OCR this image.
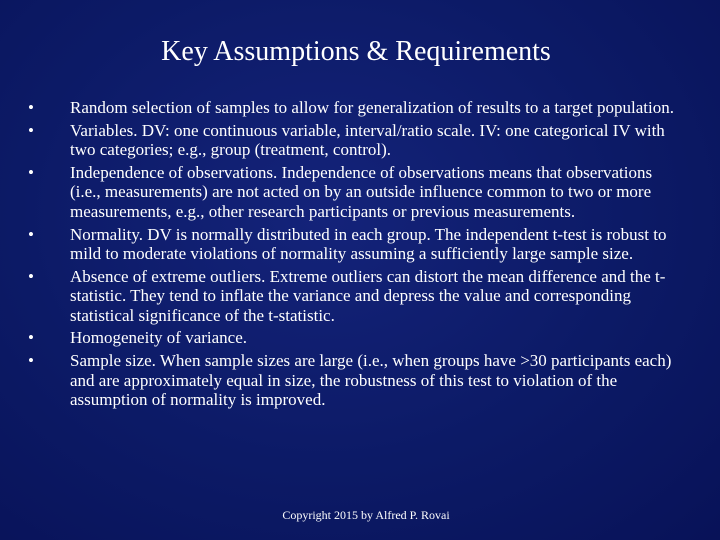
Key Assumptions & Requirements
•	Random selection of samples to allow for generalization of results to a target population.
•	Variables. DV: one continuous variable, interval/ratio scale. IV: one categorical IV with two categories; e.g., group (treatment, control).
•	Independence of observations. Independence of observations means that observations (i.e., measurements) are not acted on by an outside influence common to two or more measurements, e.g., other research participants or previous measurements.
•	Normality. DV is normally distributed in each group. The independent t-test is robust to mild to moderate violations of normality assuming a sufficiently large sample size.
•	Absence of extreme outliers. Extreme outliers can distort the mean difference and the t-statistic. They tend to inflate the variance and depress the value and corresponding statistical significance of the t-statistic.
•	Homogeneity of variance.
•	Sample size. When sample sizes are large (i.e., when groups have >30 participants each) and are approximately equal in size, the robustness of this test to violation of the assumption of normality is improved.
Copyright 2015 by Alfred P. Rovai
